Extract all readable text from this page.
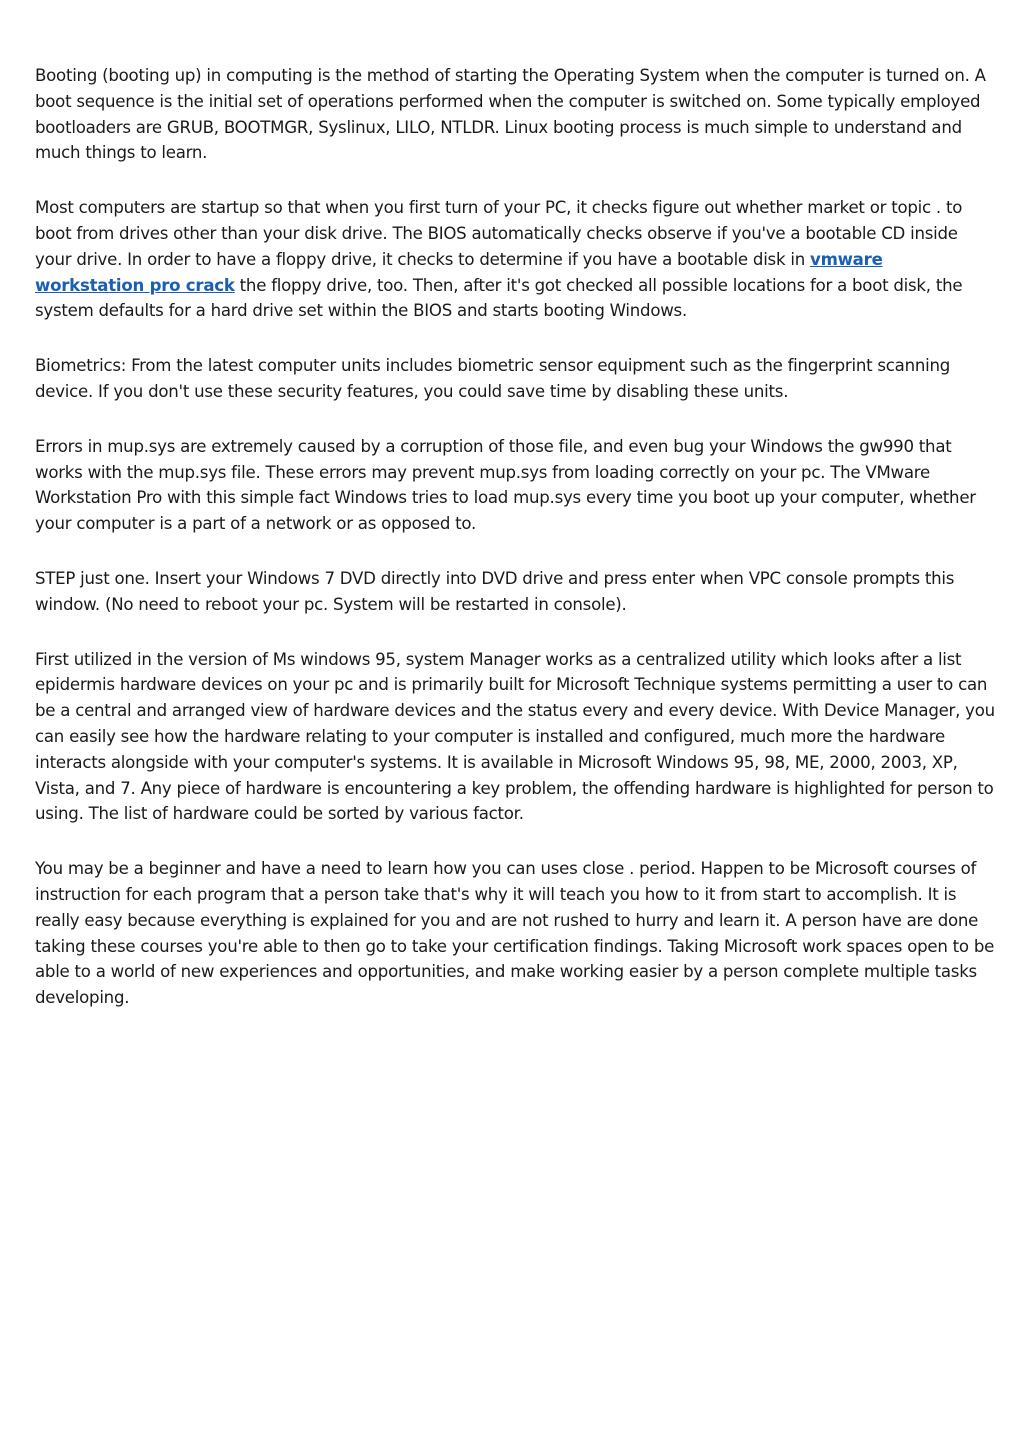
Booting (booting up) in computing is the method of starting the Operating System when the computer is turned on. A boot sequence is the initial set of operations performed when the computer is switched on. Some typically employed bootloaders are GRUB, BOOTMGR, Syslinux, LILO, NTLDR. Linux booting process is much simple to understand and much things to learn.

Most computers are startup so that when you first turn of your PC, it checks figure out whether market or topic . to boot from drives other than your disk drive. The BIOS automatically checks observe if you've a bootable CD inside your drive. In order to have a floppy drive, it checks to determine if you have a bootable disk in vmware workstation pro crack the floppy drive, too. Then, after it's got checked all possible locations for a boot disk, the system defaults for a hard drive set within the BIOS and starts booting Windows.

Biometrics: From the latest computer units includes biometric sensor equipment such as the fingerprint scanning device. If you don't use these security features, you could save time by disabling these units.

Errors in mup.sys are extremely caused by a corruption of those file, and even bug your Windows the gw990 that works with the mup.sys file. These errors may prevent mup.sys from loading correctly on your pc. The VMware Workstation Pro with this simple fact Windows tries to load mup.sys every time you boot up your computer, whether your computer is a part of a network or as opposed to.

STEP just one. Insert your Windows 7 DVD directly into DVD drive and press enter when VPC console prompts this window. (No need to reboot your pc. System will be restarted in console).

First utilized in the version of Ms windows 95, system Manager works as a centralized utility which looks after a list epidermis hardware devices on your pc and is primarily built for Microsoft Technique systems permitting a user to can be a central and arranged view of hardware devices and the status every and every device. With Device Manager, you can easily see how the hardware relating to your computer is installed and configured, much more the hardware interacts alongside with your computer's systems. It is available in Microsoft Windows 95, 98, ME, 2000, 2003, XP, Vista, and 7. Any piece of hardware is encountering a key problem, the offending hardware is highlighted for person to using. The list of hardware could be sorted by various factor.

You may be a beginner and have a need to learn how you can uses close . period. Happen to be Microsoft courses of instruction for each program that a person take that's why it will teach you how to it from start to accomplish. It is really easy because everything is explained for you and are not rushed to hurry and learn it. A person have are done taking these courses you're able to then go to take your certification findings. Taking Microsoft work spaces open to be able to a world of new experiences and opportunities, and make working easier by a person complete multiple tasks developing.
